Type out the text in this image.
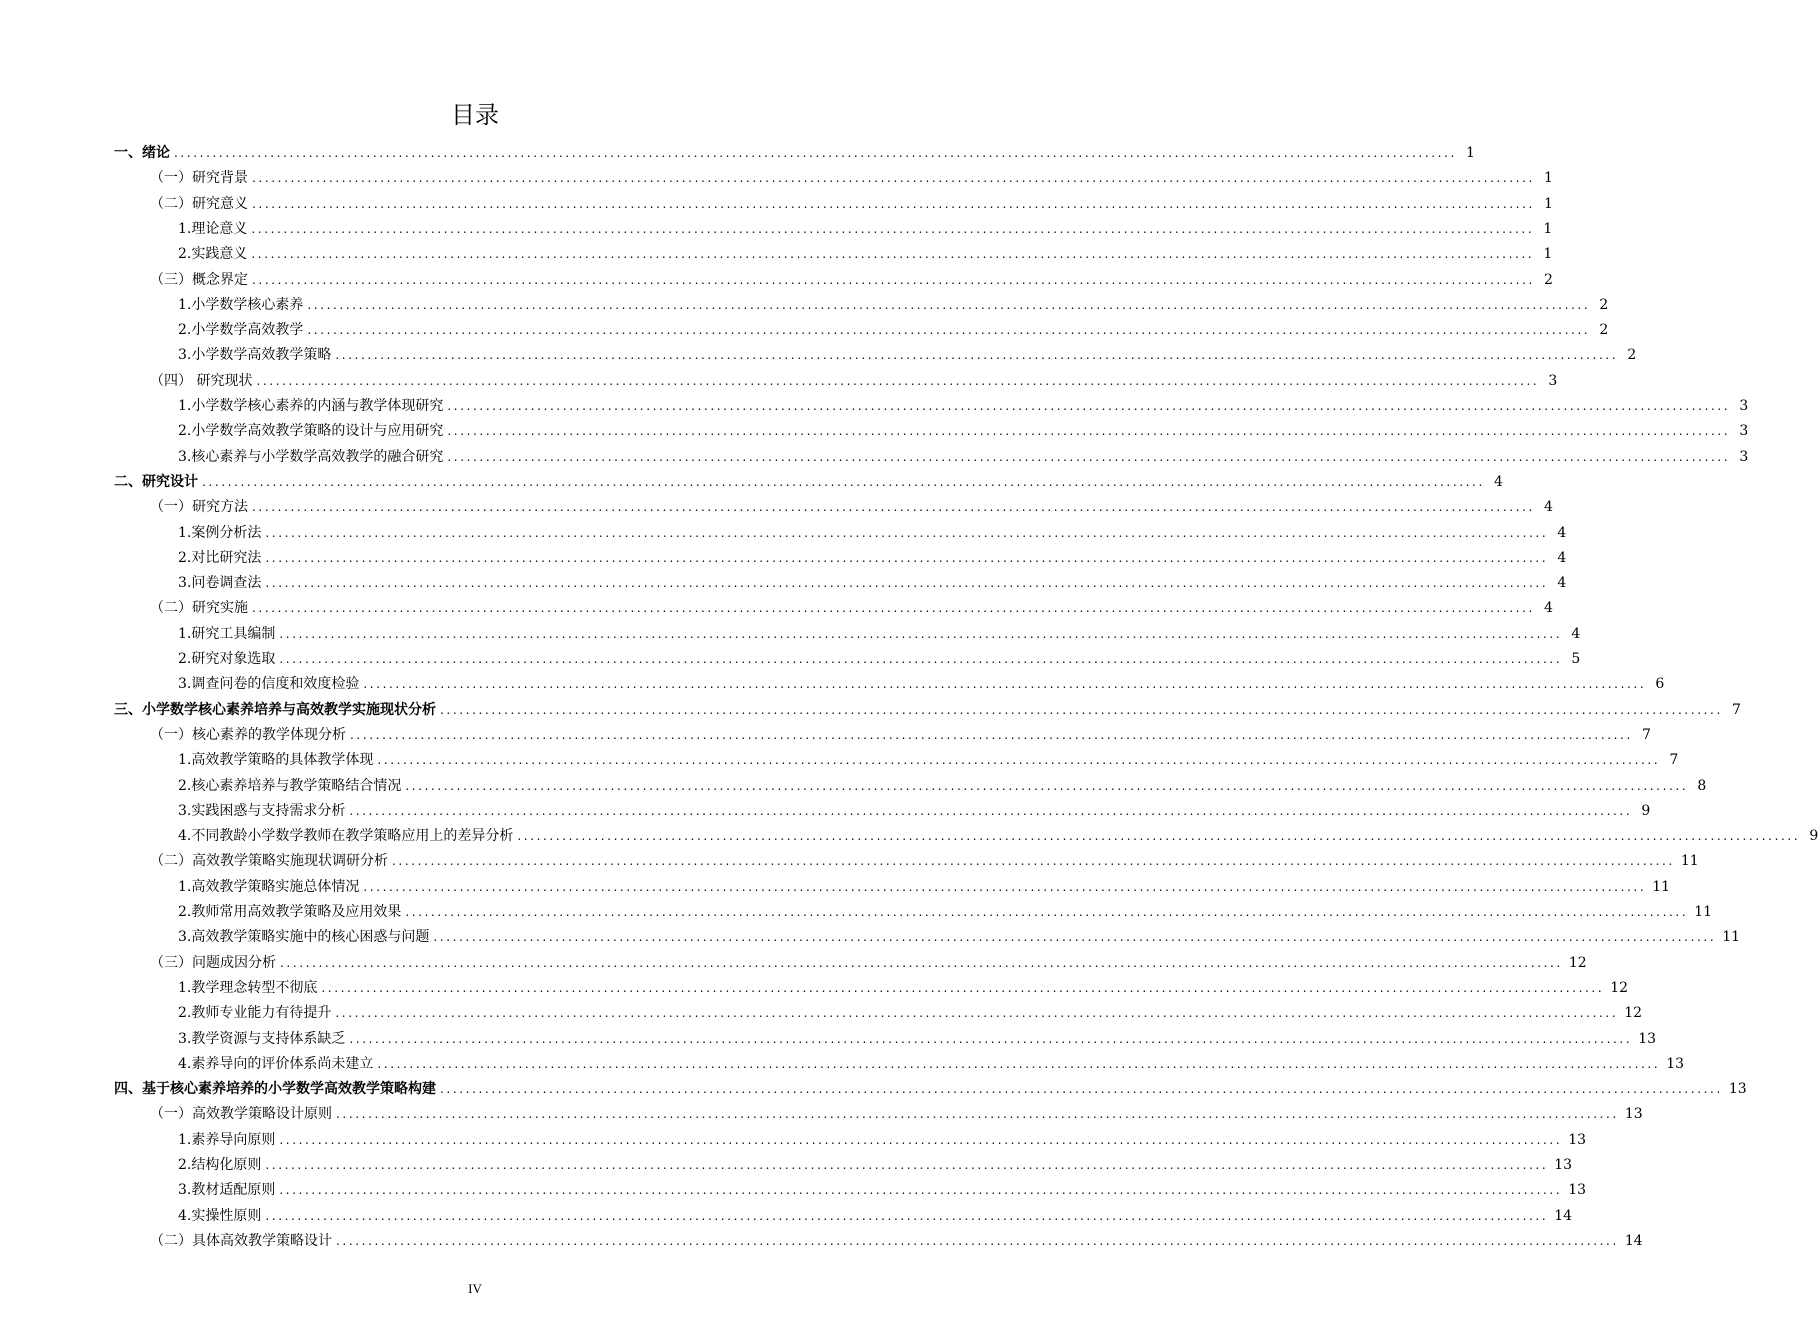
目录
一、绪论 ........................................................................................................................................................................................................ 1
（一）研究背景 ........................................................................................................................................................................................................ 1
（二）研究意义 ........................................................................................................................................................................................................ 1
1.理论意义 ........................................................................................................................................................................................................ 1
2.实践意义 ........................................................................................................................................................................................................ 1
（三）概念界定 ........................................................................................................................................................................................................ 2
1.小学数学核心素养 ........................................................................................................................................................................................................ 2
2.小学数学高效教学 ........................................................................................................................................................................................................ 2
3.小学数学高效教学策略 ........................................................................................................................................................................................................ 2
（四） 研究现状 ........................................................................................................................................................................................................ 3
1.小学数学核心素养的内涵与教学体现研究 ........................................................................................................................................................................................................ 3
2.小学数学高效教学策略的设计与应用研究 ........................................................................................................................................................................................................ 3
3.核心素养与小学数学高效教学的融合研究 ........................................................................................................................................................................................................ 3
二、研究设计 ........................................................................................................................................................................................................ 4
（一）研究方法 ........................................................................................................................................................................................................ 4
1.案例分析法 ........................................................................................................................................................................................................ 4
2.对比研究法 ........................................................................................................................................................................................................ 4
3.问卷调查法 ........................................................................................................................................................................................................ 4
（二）研究实施 ........................................................................................................................................................................................................ 4
1.研究工具编制 ........................................................................................................................................................................................................ 4
2.研究对象选取 ........................................................................................................................................................................................................ 5
3.调查问卷的信度和效度检验 ........................................................................................................................................................................................................ 6
三、小学数学核心素养培养与高效教学实施现状分析 ........................................................................................................................................................................................................ 7
（一）核心素养的教学体现分析 ........................................................................................................................................................................................................ 7
1.高效教学策略的具体教学体现 ........................................................................................................................................................................................................ 7
2.核心素养培养与教学策略结合情况 ........................................................................................................................................................................................................ 8
3.实践困惑与支持需求分析 ........................................................................................................................................................................................................ 9
4.不同教龄小学数学教师在教学策略应用上的差异分析 ........................................................................................................................................................................................................ 9
（二）高效教学策略实施现状调研分析 ........................................................................................................................................................................................................ 11
1.高效教学策略实施总体情况 ........................................................................................................................................................................................................ 11
2.教师常用高效教学策略及应用效果 ........................................................................................................................................................................................................ 11
3.高效教学策略实施中的核心困惑与问题 ........................................................................................................................................................................................................ 11
（三）问题成因分析 ........................................................................................................................................................................................................ 12
1.教学理念转型不彻底 ........................................................................................................................................................................................................ 12
2.教师专业能力有待提升 ........................................................................................................................................................................................................ 12
3.教学资源与支持体系缺乏 ........................................................................................................................................................................................................ 13
4.素养导向的评价体系尚未建立 ........................................................................................................................................................................................................ 13
四、基于核心素养培养的小学数学高效教学策略构建 ........................................................................................................................................................................................................ 13
（一）高效教学策略设计原则 ........................................................................................................................................................................................................ 13
1.素养导向原则 ........................................................................................................................................................................................................ 13
2.结构化原则 ........................................................................................................................................................................................................ 13
3.教材适配原则 ........................................................................................................................................................................................................ 13
4.实操性原则 ........................................................................................................................................................................................................ 14
（二）具体高效教学策略设计 ........................................................................................................................................................................................................ 14
IV
